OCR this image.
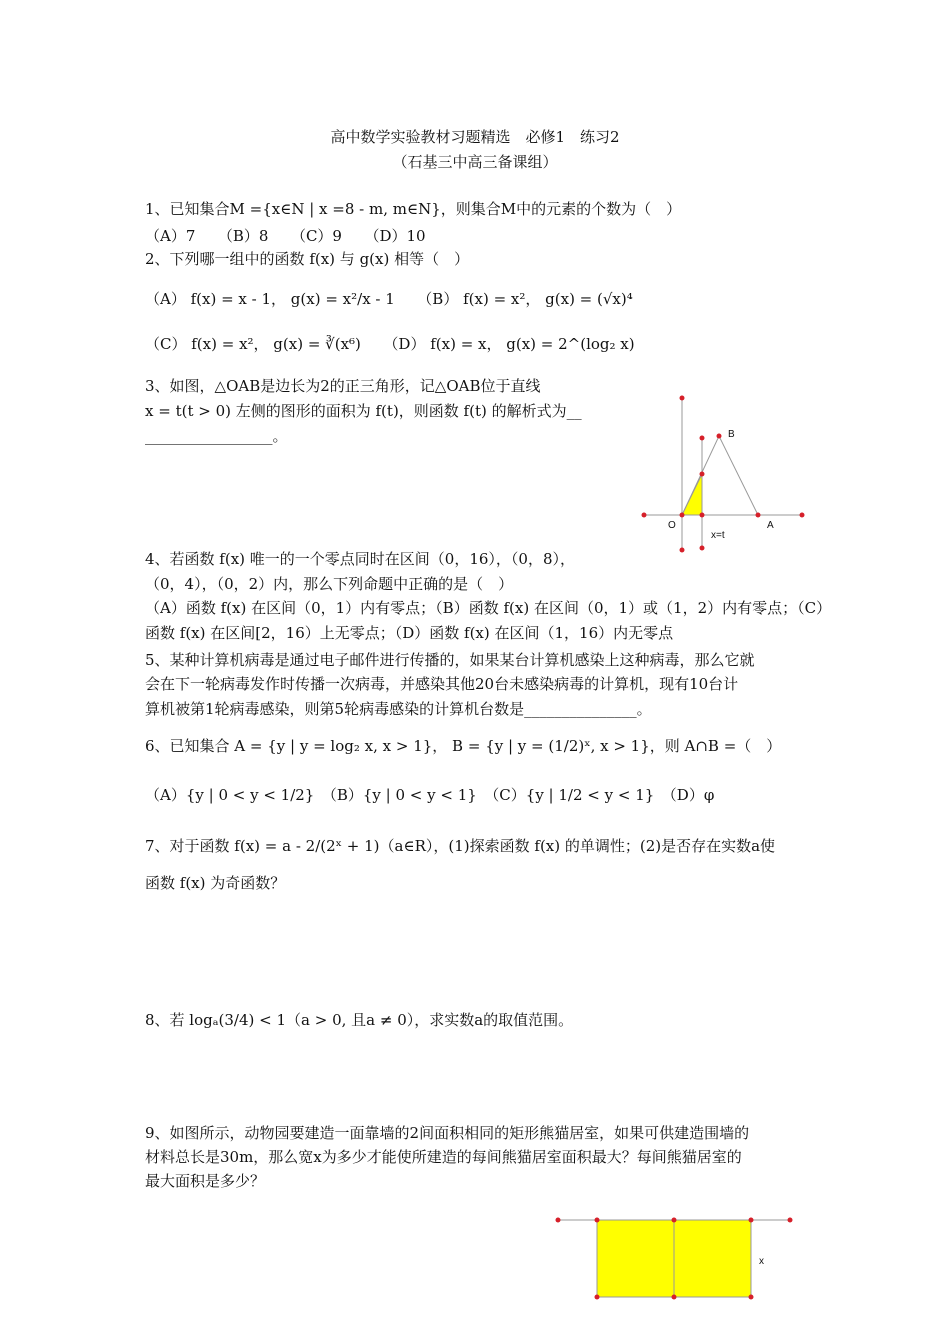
高中数学实验教材习题精选　必修1　练习2
（石基三中高三备课组）
1、已知集合M ={x∈N | x =8 - m, m∈N}，则集合M中的元素的个数为（　）
（A）7　　（B）8　　（C）9　　（D）10
2、下列哪一组中的函数 f(x) 与 g(x) 相等（　）
（A） f(x) = x - 1， g(x) = x²/x - 1　　（B） f(x) = x²， g(x) = (√x)⁴
（C） f(x) = x²， g(x) = ∛(x⁶)　　（D） f(x) = x， g(x) = 2^(log₂ x)
3、如图，△OAB是边长为2的正三角形，记△OAB位于直线
x = t(t > 0) 左侧的图形的面积为 f(t)，则函数 f(t) 的解析式为__
_________________。
O	A
B
x=t
4、若函数 f(x) 唯一的一个零点同时在区间（0，16），（0，8），
（0，4），（0，2）内，那么下列命题中正确的是（　）
（A）函数 f(x) 在区间（0，1）内有零点；（B）函数 f(x) 在区间（0，1）或（1，2）内有零点；（C）
函数 f(x) 在区间[2，16）上无零点；（D）函数 f(x) 在区间（1，16）内无零点
5、某种计算机病毒是通过电子邮件进行传播的，如果某台计算机感染上这种病毒，那么它就
会在下一轮病毒发作时传播一次病毒，并感染其他20台未感染病毒的计算机，现有10台计
算机被第1轮病毒感染，则第5轮病毒感染的计算机台数是_______________。
6、已知集合 A = {y | y = log₂ x, x > 1}， B = {y | y = (1/2)ˣ, x > 1}，则 A∩B =（　）
（A）{y | 0 < y < 1/2}　（B）{y | 0 < y < 1}　（C）{y | 1/2 < y < 1}　（D）φ
7、对于函数 f(x) = a - 2/(2ˣ + 1)（a∈R），(1)探索函数 f(x) 的单调性；(2)是否存在实数a使
函数 f(x) 为奇函数？
8、若 logₐ(3/4) < 1（a > 0, 且a ≠ 0），求实数a的取值范围。
9、如图所示，动物园要建造一面靠墙的2间面积相同的矩形熊猫居室，如果可供建造围墙的
材料总长是30m，那么宽x为多少才能使所建造的每间熊猫居室面积最大？每间熊猫居室的
最大面积是多少？
x
